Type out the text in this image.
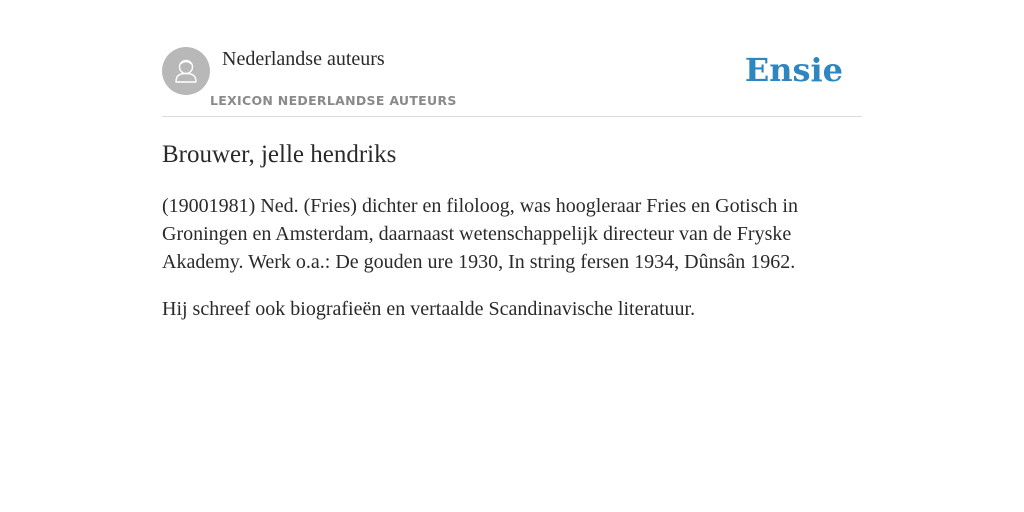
Nederlandse auteurs
LEXICON NEDERLANDSE AUTEURS
Ensie
Brouwer, jelle hendriks

(19001981) Ned. (Fries) dichter en filoloog, was hoogleraar Fries en Gotisch in Groningen en Amsterdam, daarnaast wetenschappelijk directeur van de Fryske Akademy. Werk o.a.: De gouden ure 1930, In string fersen 1934, Dûnsân 1962.

Hij schreef ook biografieën en vertaalde Scandinavische literatuur.
